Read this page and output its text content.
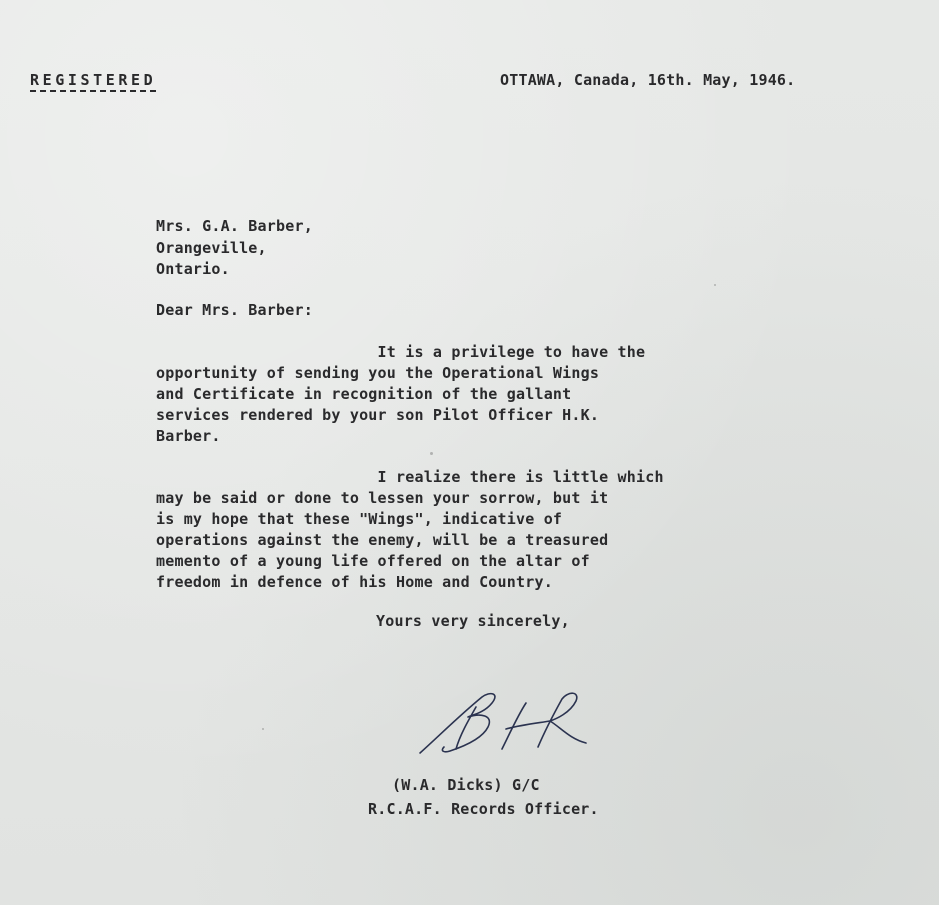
REGISTERED	OTTAWA, Canada, 16th. May, 1946.
Mrs. G.A. Barber,
Orangeville,
Ontario.
Dear Mrs. Barber:
It is a privilege to have the
opportunity of sending you the Operational Wings
and Certificate in recognition of the gallant
services rendered by your son Pilot Officer H.K.
Barber.
I realize there is little which
may be said or done to lessen your sorrow, but it
is my hope that these "Wings", indicative of
operations against the enemy, will be a treasured
memento of a young life offered on the altar of
freedom in defence of his Home and Country.
Yours very sincerely,
(W.A. Dicks) G/C
R.C.A.F. Records Officer.
